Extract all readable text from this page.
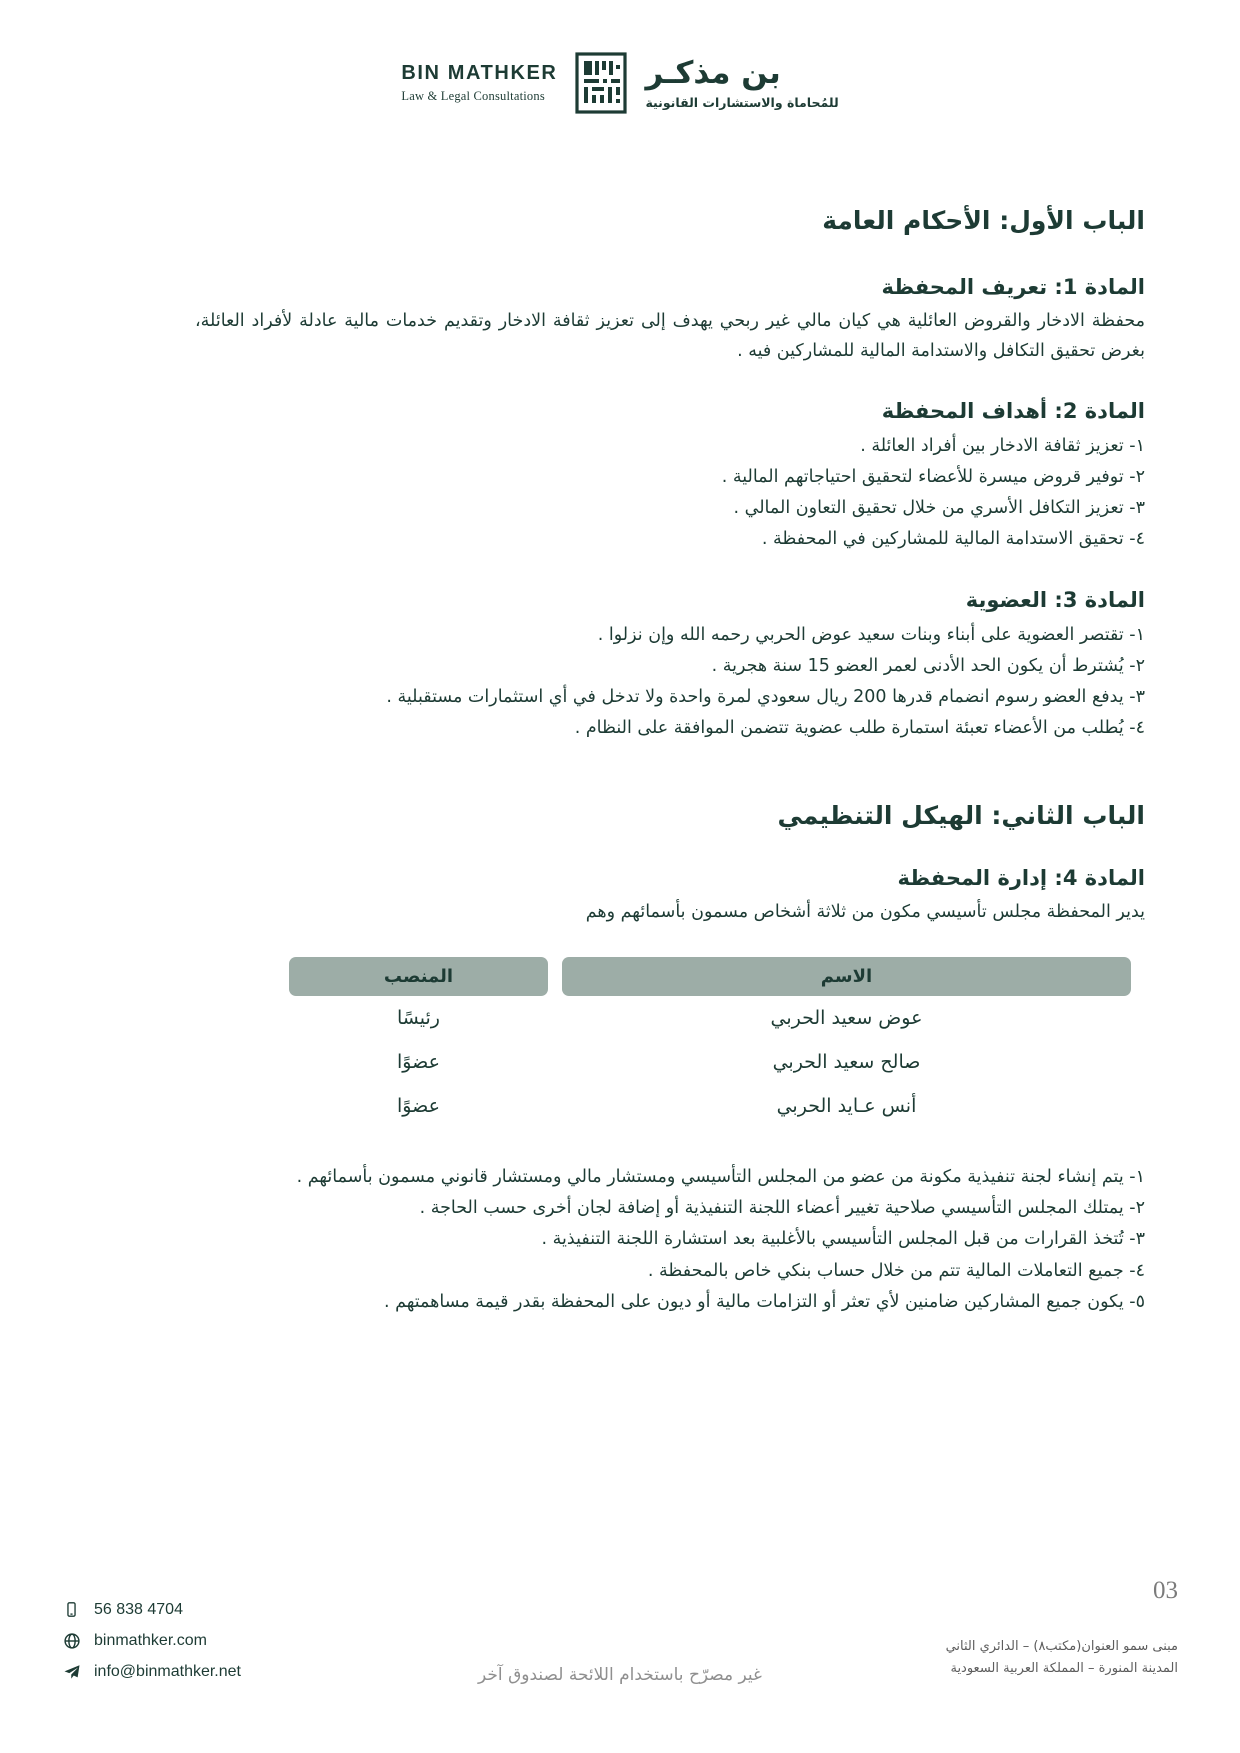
بن مذكـر
للمُحاماة والاستشارات القانونية
BIN MATHKER
Law & Legal Consultations
الباب الأول: الأحكام العامة
المادة 1: تعريف المحفظة

محفظة الادخار والقروض العائلية هي كيان مالي غير ربحي يهدف إلى تعزيز ثقافة الادخار وتقديم خدمات مالية عادلة لأفراد العائلة، بغرض تحقيق التكافل والاستدامة المالية للمشاركين فيه .

المادة 2: أهداف المحفظة
١- تعزيز ثقافة الادخار بين أفراد العائلة .
٢- توفير قروض ميسرة للأعضاء لتحقيق احتياجاتهم المالية .
٣- تعزيز التكافل الأسري من خلال تحقيق التعاون المالي .
٤- تحقيق الاستدامة المالية للمشاركين في المحفظة .
المادة 3: العضوية
١- تقتصر العضوية على أبناء وبنات سعيد عوض الحربي رحمه الله وإن نزلوا .
٢- يُشترط أن يكون الحد الأدنى لعمر العضو 15 سنة هجرية .
٣- يدفع العضو رسوم انضمام قدرها 200 ريال سعودي لمرة واحدة ولا تدخل في أي استثمارات مستقبلية .
٤- يُطلب من الأعضاء تعبئة استمارة طلب عضوية تتضمن الموافقة على النظام .
الباب الثاني: الهيكل التنظيمي
المادة 4: إدارة المحفظة

يدير المحفظة مجلس تأسيسي مكون من ثلاثة أشخاص مسمون بأسمائهم وهم

الاسم	المنصب
عوض سعيد الحربي	رئيسًا
صالح سعيد الحربي	عضوًا
أنس عـايد الحربي	عضوًا
١- يتم إنشاء لجنة تنفيذية مكونة من عضو من المجلس التأسيسي ومستشار مالي ومستشار قانوني مسمون بأسمائهم .
٢- يمتلك المجلس التأسيسي صلاحية تغيير أعضاء اللجنة التنفيذية أو إضافة لجان أخرى حسب الحاجة .
٣- تُتخذ القرارات من قبل المجلس التأسيسي بالأغلبية بعد استشارة اللجنة التنفيذية .
٤- جميع التعاملات المالية تتم من خلال حساب بنكي خاص بالمحفظة .
٥- يكون جميع المشاركين ضامنين لأي تعثر أو التزامات مالية أو ديون على المحفظة بقدر قيمة مساهمتهم .
56 838 4704
binmathker.com
info@binmathker.net	غير مصرّح باستخدام اللائحة لصندوق آخر
03
مبنى سمو العنوان(مكتب٨) – الدائري الثاني
المدينة المنورة – المملكة العربية السعودية
